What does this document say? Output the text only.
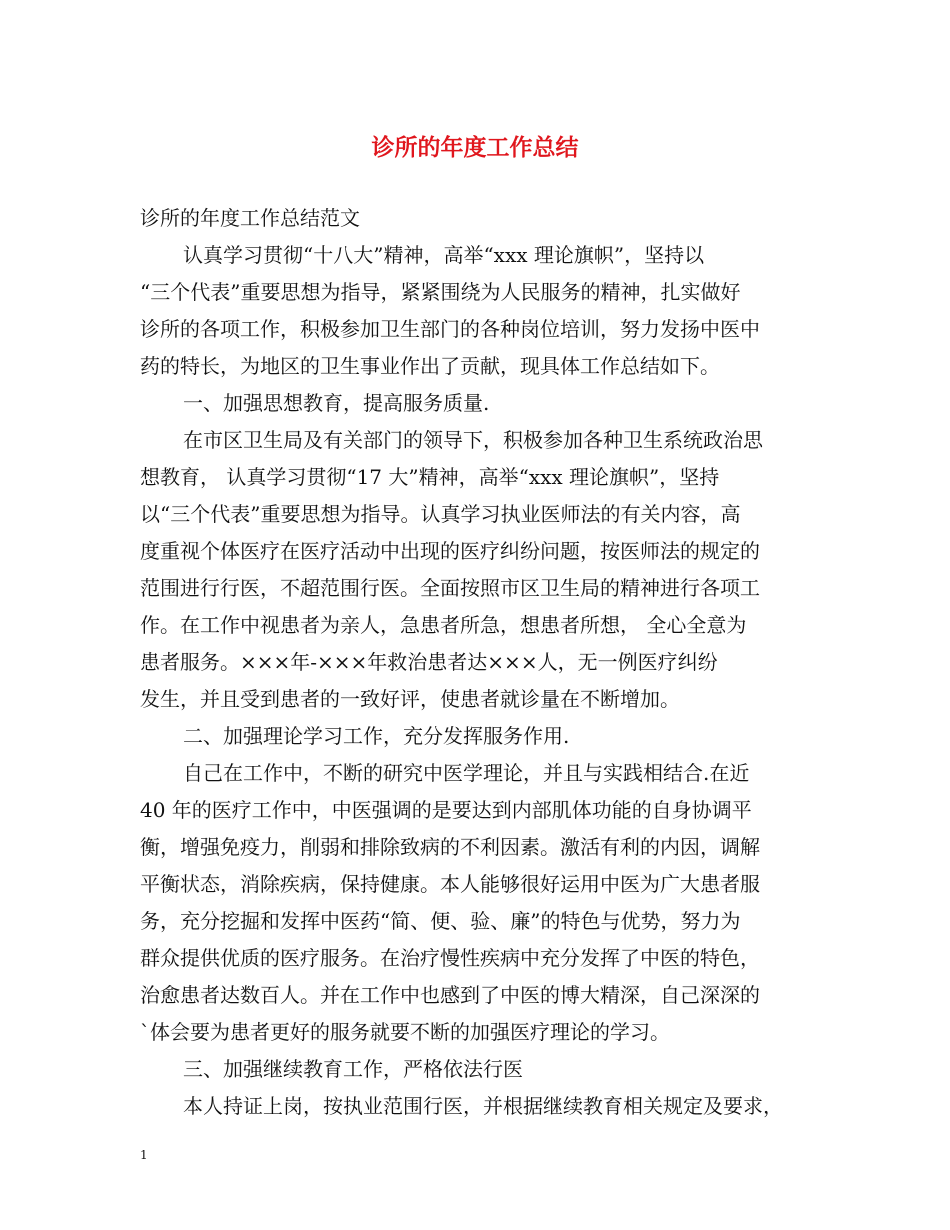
诊所的年度工作总结
诊所的年度工作总结范文
认真学习贯彻“十八大”精神，高举“xxx 理论旗帜”，坚持以
“三个代表”重要思想为指导，紧紧围绕为人民服务的精神，扎实做好
诊所的各项工作，积极参加卫生部门的各种岗位培训，努力发扬中医中
药的特长，为地区的卫生事业作出了贡献，现具体工作总结如下。
一、加强思想教育，提高服务质量.
在市区卫生局及有关部门的领导下，积极参加各种卫生系统政治思
想教育， 认真学习贯彻“17 大”精神，高举“xxx 理论旗帜”，坚持
以“三个代表”重要思想为指导。认真学习执业医师法的有关内容，高
度重视个体医疗在医疗活动中出现的医疗纠纷问题，按医师法的规定的
范围进行行医，不超范围行医。全面按照市区卫生局的精神进行各项工
作。在工作中视患者为亲人，急患者所急，想患者所想， 全心全意为
患者服务。×××年-×××年救治患者达×××人，无一例医疗纠纷
发生，并且受到患者的一致好评，使患者就诊量在不断增加。
二、加强理论学习工作，充分发挥服务作用.
自己在工作中，不断的研究中医学理论，并且与实践相结合.在近
40 年的医疗工作中，中医强调的是要达到内部肌体功能的自身协调平
衡，增强免疫力，削弱和排除致病的不利因素。激活有利的内因，调解
平衡状态，消除疾病，保持健康。本人能够很好运用中医为广大患者服
务，充分挖掘和发挥中医药“简、便、验、廉”的特色与优势，努力为
群众提供优质的医疗服务。在治疗慢性疾病中充分发挥了中医的特色，
治愈患者达数百人。并在工作中也感到了中医的博大精深，自己深深的
`体会要为患者更好的服务就要不断的加强医疗理论的学习。
三、加强继续教育工作，严格依法行医
本人持证上岗，按执业范围行医，并根据继续教育相关规定及要求，
1
